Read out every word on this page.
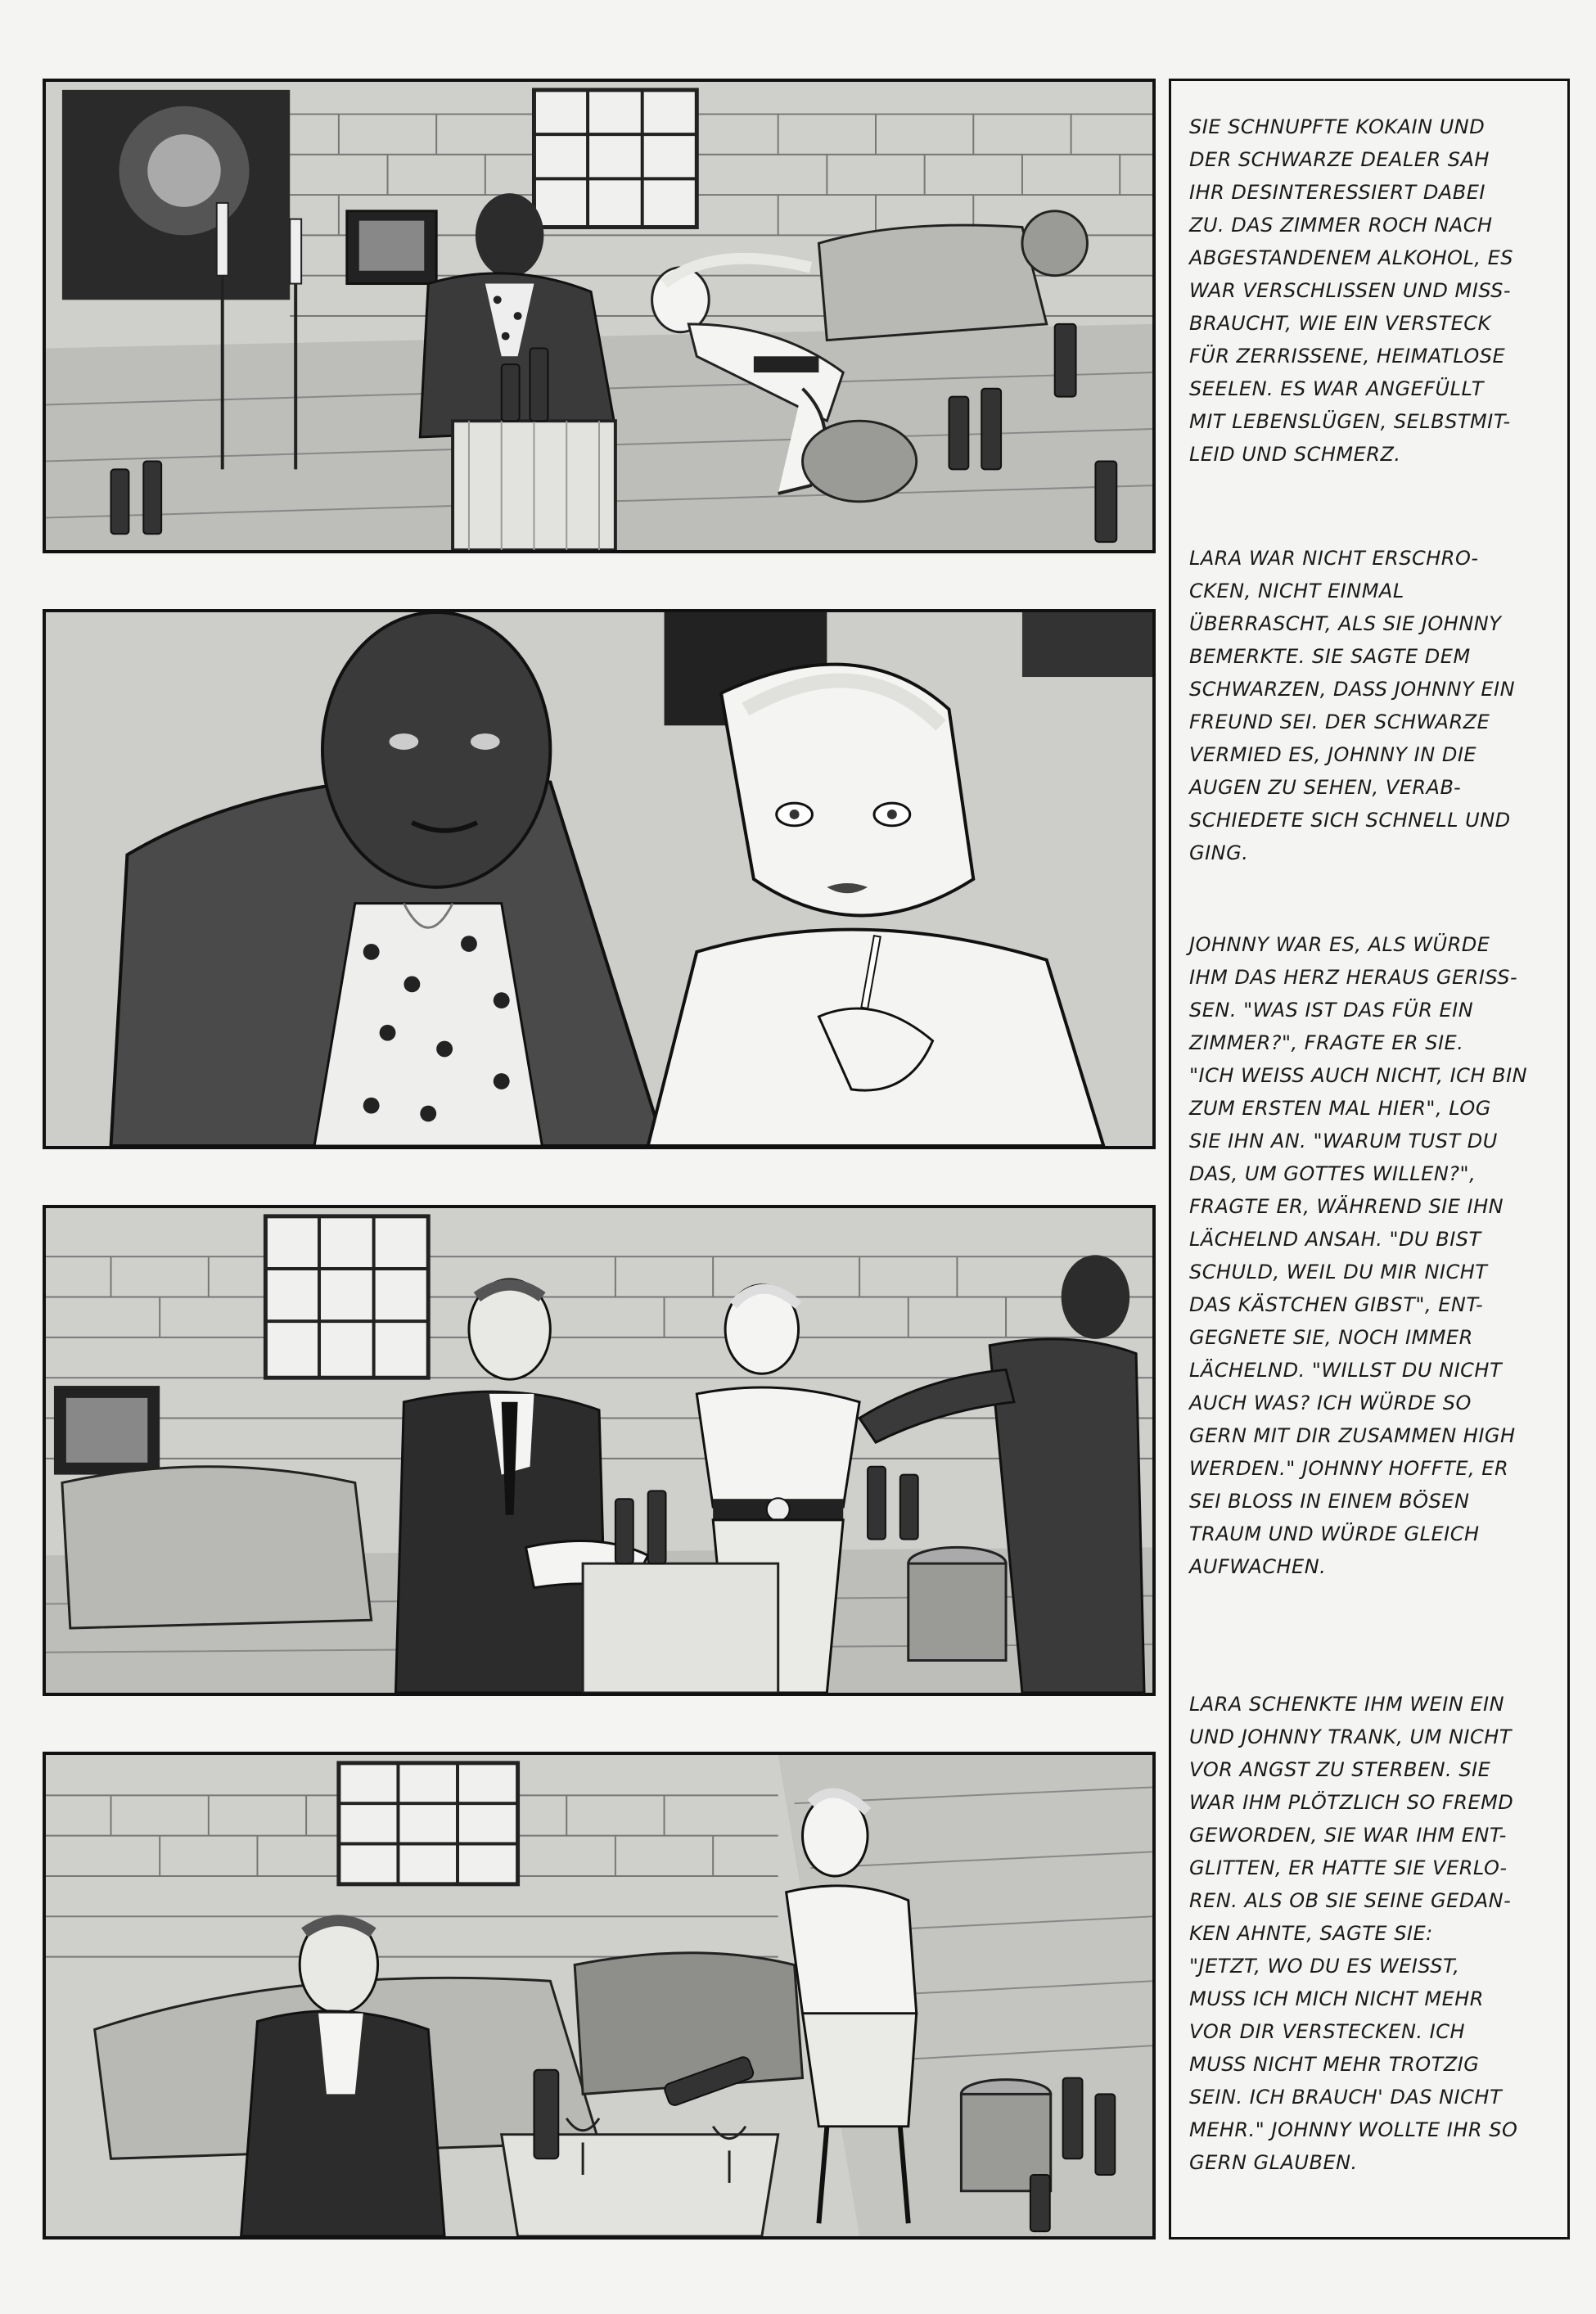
SIE SCHNUPFTE KOKAIN UND
DER SCHWARZE DEALER SAH
IHR DESINTERESSIERT DABEI
ZU. DAS ZIMMER ROCH NACH
ABGESTANDENEM ALKOHOL, ES
WAR VERSCHLISSEN UND MISS-
BRAUCHT, WIE EIN VERSTECK
FÜR ZERRISSENE, HEIMATLOSE
SEELEN. ES WAR ANGEFÜLLT
MIT LEBENSLÜGEN, SELBSTMIT-
LEID UND SCHMERZ.
LARA WAR NICHT ERSCHRO-
CKEN, NICHT EINMAL
ÜBERRASCHT, ALS SIE JOHNNY
BEMERKTE. SIE SAGTE DEM
SCHWARZEN, DASS JOHNNY EIN
FREUND SEI. DER SCHWARZE
VERMIED ES, JOHNNY IN DIE
AUGEN ZU SEHEN, VERAB-
SCHIEDETE SICH SCHNELL UND
GING.
JOHNNY WAR ES, ALS WÜRDE
IHM DAS HERZ HERAUS GERISS-
SEN. "WAS IST DAS FÜR EIN
ZIMMER?", FRAGTE ER SIE.
"ICH WEISS AUCH NICHT, ICH BIN
ZUM ERSTEN MAL HIER", LOG
SIE IHN AN. "WARUM TUST DU
DAS, UM GOTTES WILLEN?",
FRAGTE ER, WÄHREND SIE IHN
LÄCHELND ANSAH. "DU BIST
SCHULD, WEIL DU MIR NICHT
DAS KÄSTCHEN GIBST", ENT-
GEGNETE SIE, NOCH IMMER
LÄCHELND. "WILLST DU NICHT
AUCH WAS? ICH WÜRDE SO
GERN MIT DIR ZUSAMMEN HIGH
WERDEN." JOHNNY HOFFTE, ER
SEI BLOSS IN EINEM BÖSEN
TRAUM UND WÜRDE GLEICH
AUFWACHEN.
LARA SCHENKTE IHM WEIN EIN
UND JOHNNY TRANK, UM NICHT
VOR ANGST ZU STERBEN. SIE
WAR IHM PLÖTZLICH SO FREMD
GEWORDEN, SIE WAR IHM ENT-
GLITTEN, ER HATTE SIE VERLO-
REN. ALS OB SIE SEINE GEDAN-
KEN AHNTE, SAGTE SIE:
"JETZT, WO DU ES WEISST,
MUSS ICH MICH NICHT MEHR
VOR DIR VERSTECKEN. ICH
MUSS NICHT MEHR TROTZIG
SEIN. ICH BRAUCH' DAS NICHT
MEHR." JOHNNY WOLLTE IHR SO
GERN GLAUBEN.
